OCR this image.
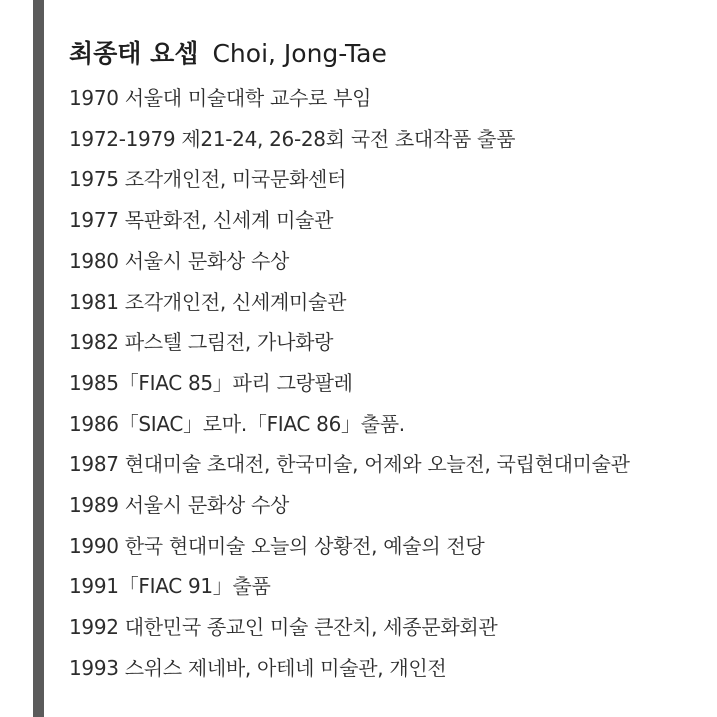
최종태 요셉 Choi, Jong-Tae
1970 서울대 미술대학 교수로 부임
1972-1979 제21-24, 26-28회 국전 초대작품 출품
1975 조각개인전, 미국문화센터
1977 목판화전, 신세계 미술관
1980 서울시 문화상 수상
1981 조각개인전, 신세계미술관
1982 파스텔 그림전, 가나화랑
1985「FIAC 85」파리 그랑팔레
1986「SIAC」로마.「FIAC 86」출품.
1987 현대미술 초대전, 한국미술, 어제와 오늘전, 국립현대미술관
1989 서울시 문화상 수상
1990 한국 현대미술 오늘의 상황전, 예술의 전당
1991「FIAC 91」출품
1992 대한민국 종교인 미술 큰잔치, 세종문화회관
1993 스위스 제네바, 아테네 미술관, 개인전
